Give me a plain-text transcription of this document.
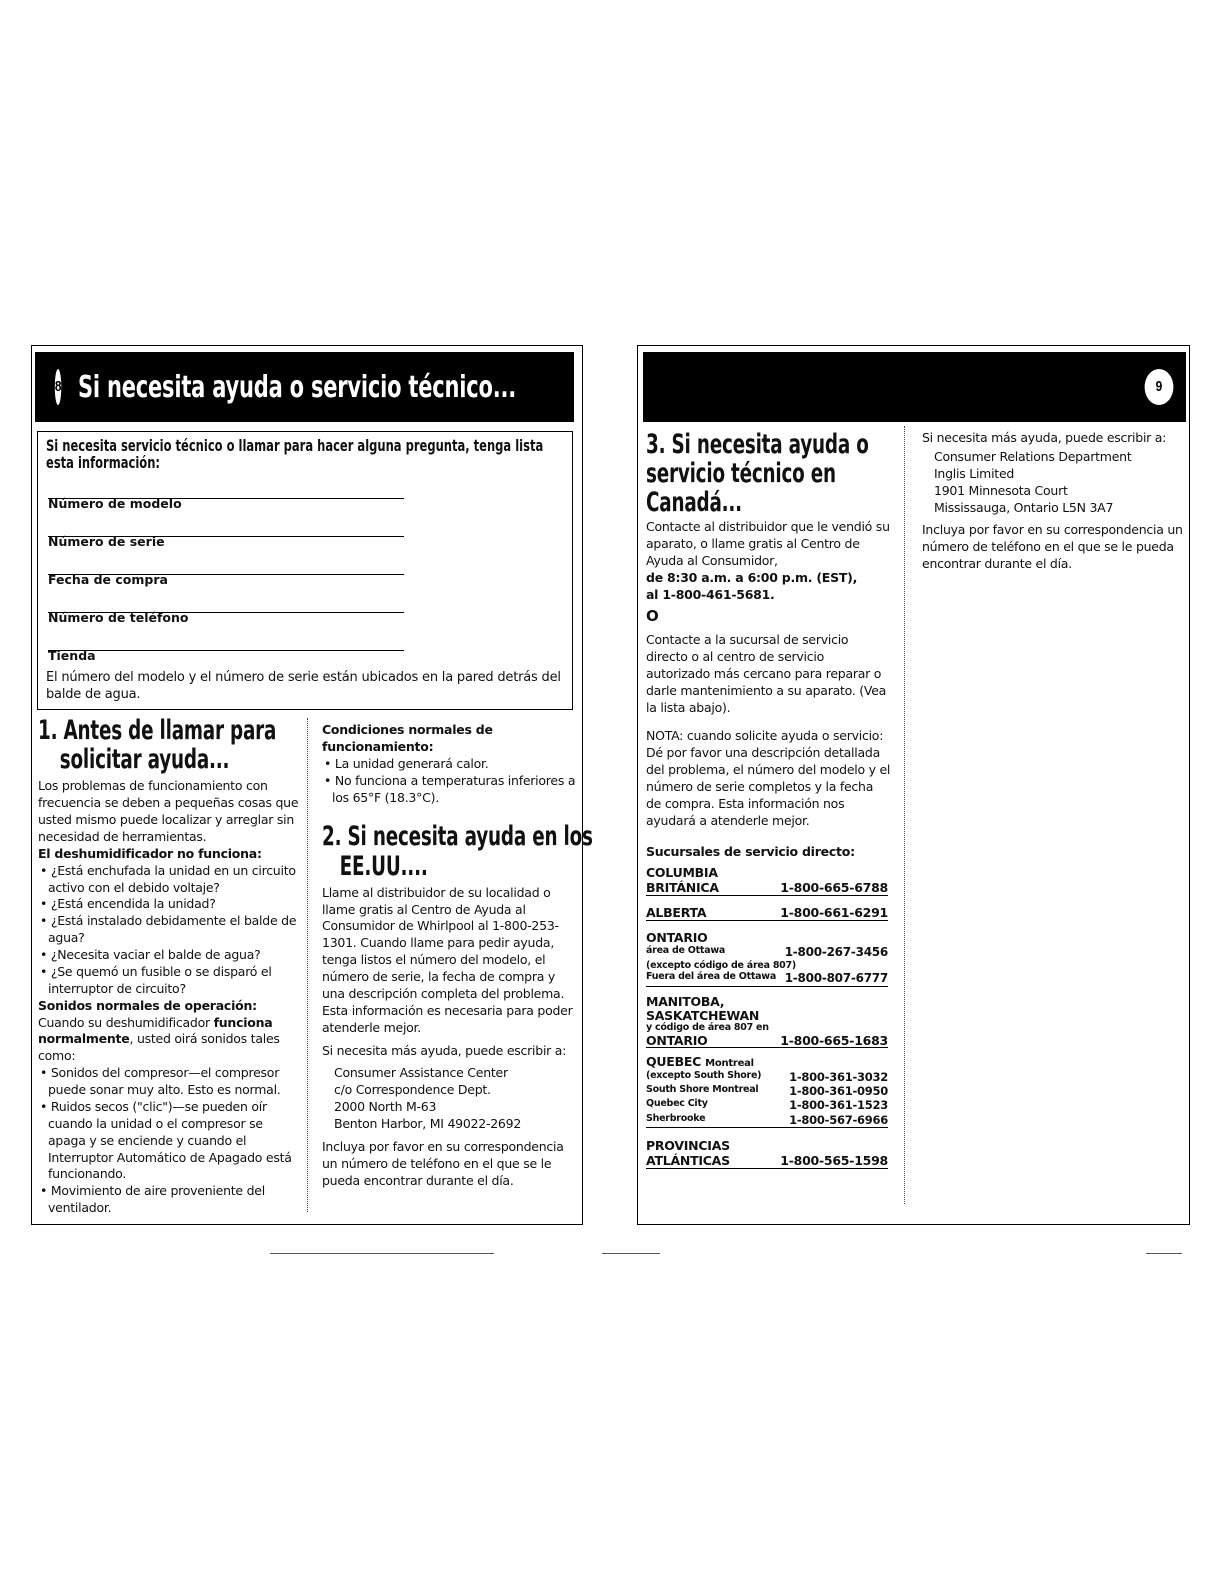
8 Si necesita ayuda o servicio técnico...
Si necesita servicio técnico o llamar para hacer alguna pregunta, tenga lista
esta información:
Número de modelo
Número de serie
Fecha de compra
Número de teléfono
Tienda
El número del modelo y el número de serie están ubicados en la pared detrás del balde de agua.
1. Antes de llamar para
solicitar ayuda...

Los problemas de funcionamiento con frecuencia se deben a pequeñas cosas que usted mismo puede localizar y arreglar sin necesidad de herramientas.

El deshumidificador no funciona:

• ¿Está enchufada la unidad en un circuito activo con el debido voltaje?

• ¿Está encendida la unidad?

• ¿Está instalado debidamente el balde de agua?

• ¿Necesita vaciar el balde de agua?

• ¿Se quemó un fusible o se disparó el interruptor de circuito?

Sonidos normales de operación:

Cuando su deshumidificador funciona normalmente, usted oirá sonidos tales como:

• Sonidos del compresor—el compresor puede sonar muy alto. Esto es normal.

• Ruidos secos ("clic")—se pueden oír cuando la unidad o el compresor se apaga y se enciende y cuando el Interruptor Automático de Apagado está funcionando.

• Movimiento de aire proveniente del ventilador.

Condiciones normales de funcionamiento:

• La unidad generará calor.

• No funciona a temperaturas inferiores a los 65°F (18.3°C).

2. Si necesita ayuda en los
EE.UU....

Llame al distribuidor de su localidad o llame gratis al Centro de Ayuda al Consumidor de Whirlpool al 1-800-253-1301. Cuando llame para pedir ayuda, tenga listos el número del modelo, el número de serie, la fecha de compra y una descripción completa del problema. Esta información es necesaria para poder atenderle mejor.

Si necesita más ayuda, puede escribir a:

Consumer Assistance Center

c/o Correspondence Dept.

2000 North M-63

Benton Harbor, MI 49022-2692

Incluya por favor en su correspondencia un número de teléfono en el que se le pueda encontrar durante el día.

9
3. Si necesita ayuda o
servicio técnico en
Canadá...

Contacte al distribuidor que le vendió su aparato, o llame gratis al Centro de Ayuda al Consumidor,

de 8:30 a.m. a 6:00 p.m. (EST),

al 1-800-461-5681.

O

Contacte a la sucursal de servicio directo o al centro de servicio autorizado más cercano para reparar o darle mantenimiento a su aparato. (Vea la lista abajo).

NOTA: cuando solicite ayuda o servicio: Dé por favor una descripción detallada del problema, el número del modelo y el número de serie completos y la fecha de compra. Esta información nos ayudará a atenderle mejor.

Sucursales de servicio directo:

COLUMBIA
BRITÁNICA	1-800-665-6788
ALBERTA	1-800-661-6291
ONTARIO
área de Ottawa	1-800-267-3456
(excepto código de área 807)
Fuera del área de Ottawa 1-800-807-6777
MANITOBA,
SASKATCHEWAN
y código de área 807 en
ONTARIO	1-800-665-1683
QUEBEC Montreal
(excepto South Shore) 1-800-361-3032
South Shore Montreal	1-800-361-0950
Quebec City	1-800-361-1523
Sherbrooke	1-800-567-6966
PROVINCIAS
ATLÁNTICAS	1-800-565-1598

Si necesita más ayuda, puede escribir a:

Consumer Relations Department

Inglis Limited

1901 Minnesota Court

Mississauga, Ontario L5N 3A7

Incluya por favor en su correspondencia un número de teléfono en el que se le pueda encontrar durante el día.
